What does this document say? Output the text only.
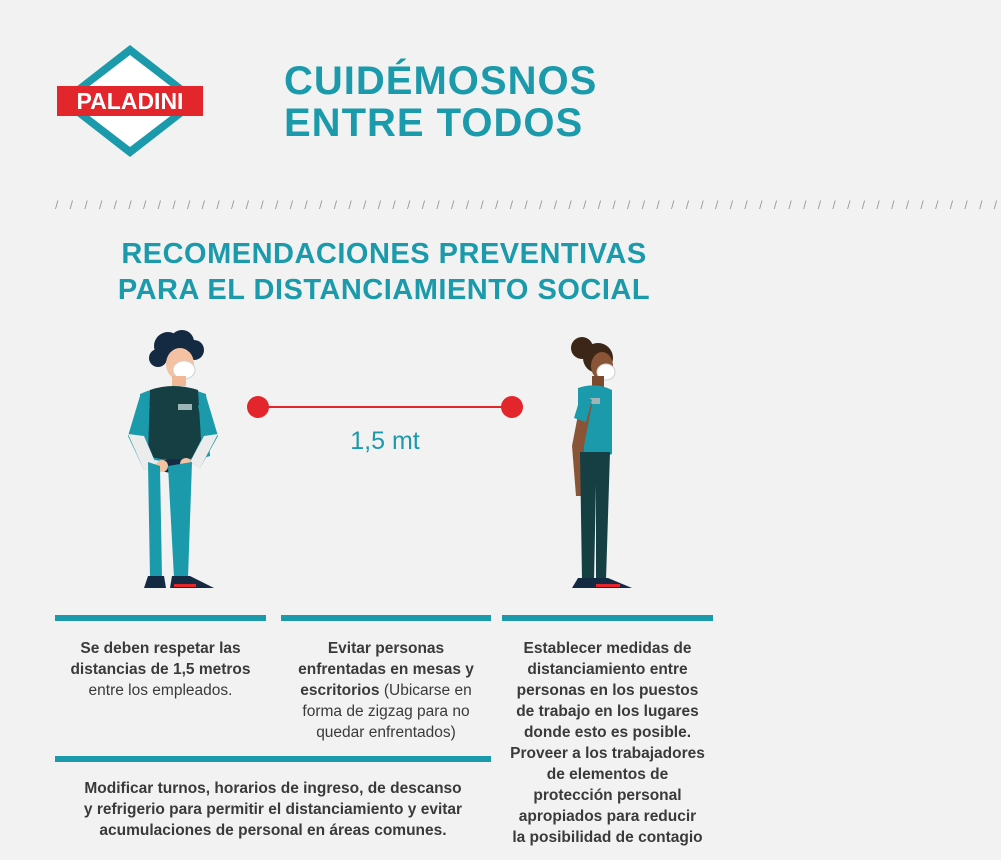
PALADINI	CUIDÉMOSNOS
ENTRE TODOS
/ / / / / / / / / / / / / / / / / / / / / / / / / / / / / / / / / / / / / / / / / / / / / / / / / / / / / / / / / / / / / / / / /
RECOMENDACIONES PREVENTIVAS
PARA EL DISTANCIAMIENTO SOCIAL
1,5 mt
Se deben respetar las
distancias de 1,5 metros
entre los empleados.
Evitar personas
enfrentadas en mesas y
escritorios (Ubicarse en
forma de zigzag para no
quedar enfrentados)
Establecer medidas de
distanciamiento entre
personas en los puestos
de trabajo en los lugares
donde esto es posible.
Proveer a los trabajadores
de elementos de
protección personal
apropiados para reducir
la posibilidad de contagio
Modificar turnos, horarios de ingreso, de descanso
y refrigerio para permitir el distanciamiento y evitar
acumulaciones de personal en áreas comunes.
